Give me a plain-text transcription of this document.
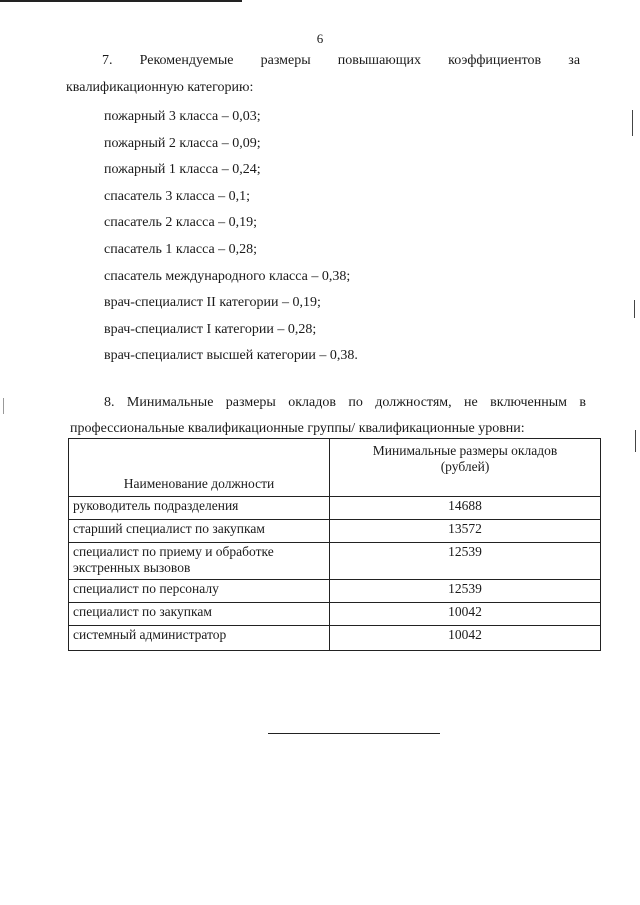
6
7. Рекомендуемые размеры повышающих коэффициентов за
квалификационную категорию:
пожарный 3 класса – 0,03;
пожарный 2 класса – 0,09;
пожарный 1 класса – 0,24;
спасатель 3 класса – 0,1;
спасатель 2 класса – 0,19;
спасатель 1 класса – 0,28;
спасатель международного класса – 0,38;
врач-специалист II категории – 0,19;
врач-специалист I категории – 0,28;
врач-специалист высшей категории – 0,38.
8. Минимальные размеры окладов по должностям, не включенным в
профессиональные квалификационные группы/ квалификационные уровни:
Наименование должности	Минимальные размеры окладов
(рублей)
руководитель подразделения	14688
старший специалист по закупкам	13572
специалист по приему и обработке
экстренных вызовов	12539
специалист по персоналу	12539
специалист по закупкам	10042
системный администратор	10042
